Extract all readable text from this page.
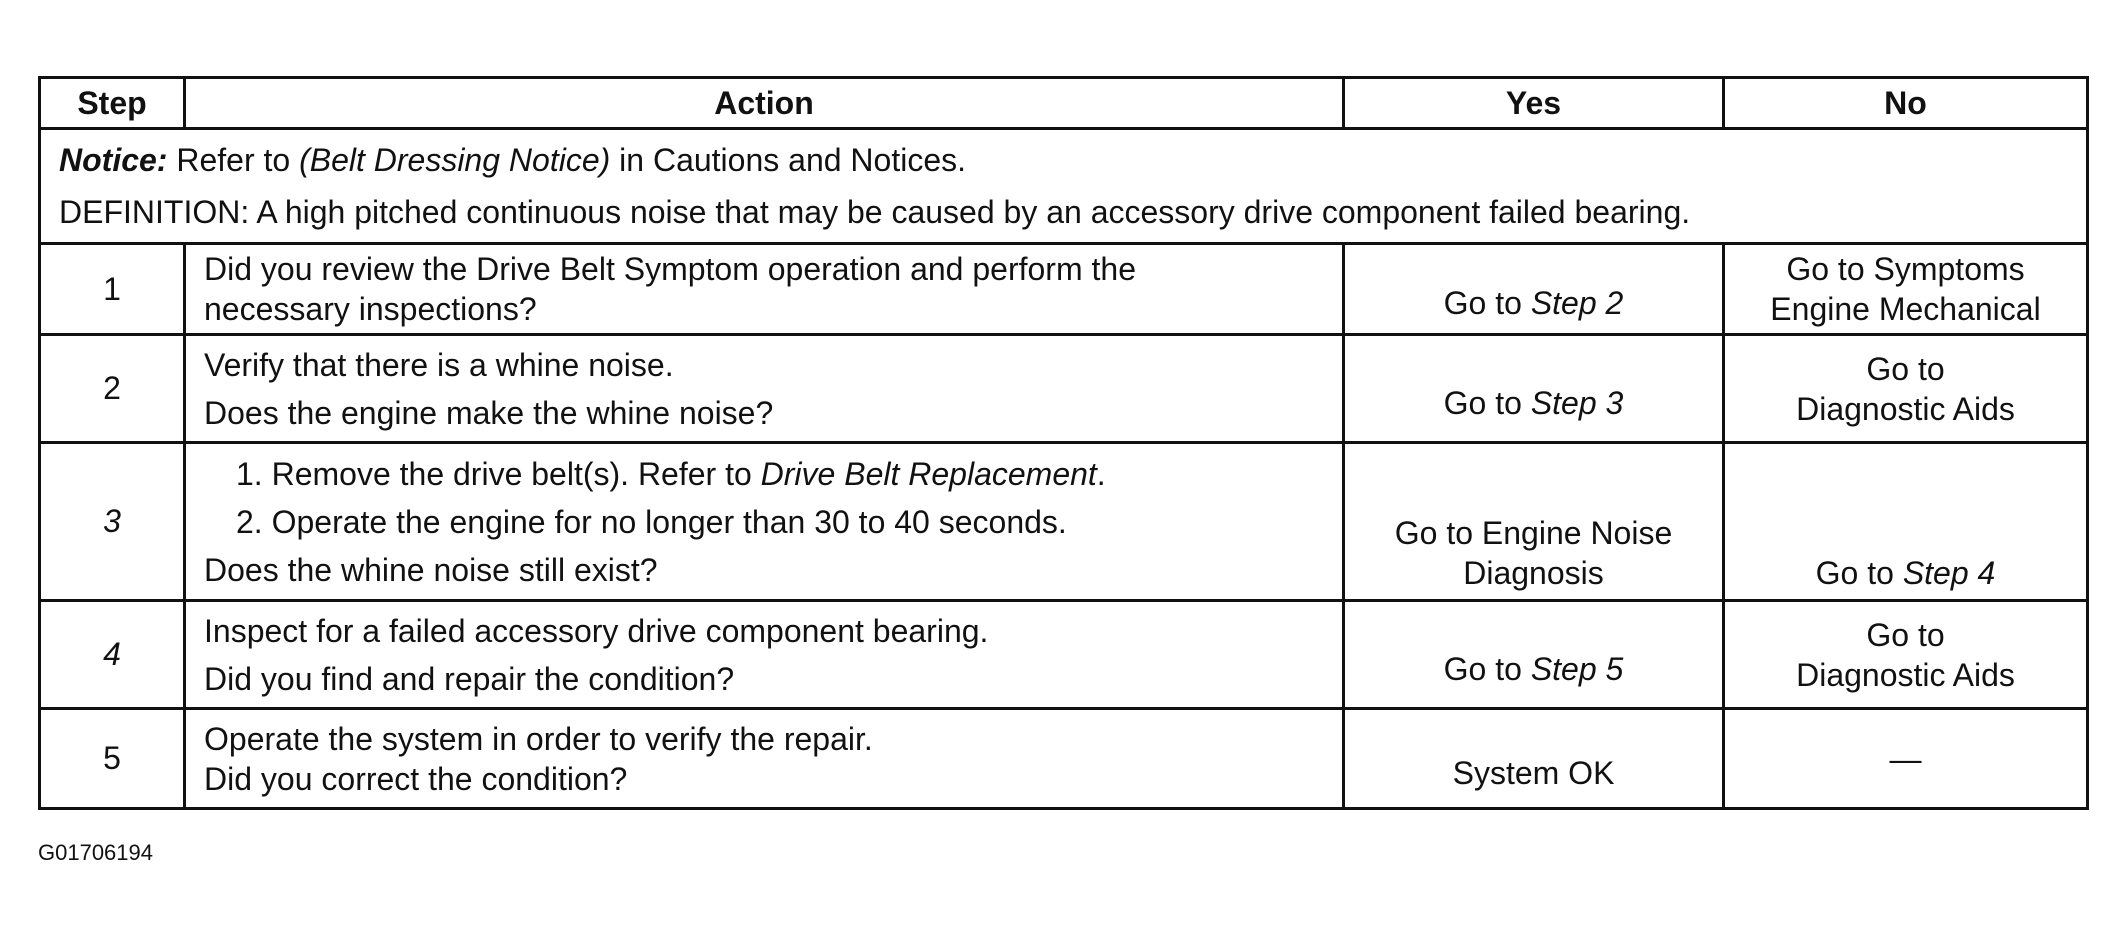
Step	Action	Yes	No

Notice: Refer to (Belt Dressing Notice) in Cautions and Notices.
DEFINITION: A high pitched continuous noise that may be caused by an accessory drive component failed bearing.			

1	Did you review the Drive Belt Symptom operation and perform the
necessary inspections?	Go to Step 2	Go to Symptoms
Engine Mechanical

2	Verify that there is a whine noise.
Does the engine make the whine noise?	Go to Step 3	Go to
Diagnostic Aids

3	1. Remove the drive belt(s). Refer to Drive Belt Replacement.
2. Operate the engine for no longer than 30 to 40 seconds.
Does the whine noise still exist?	Go to Engine Noise
Diagnosis	Go to Step 4

4	Inspect for a failed accessory drive component bearing.
Did you find and repair the condition?	Go to Step 5	Go to
Diagnostic Aids

5	Operate the system in order to verify the repair.
Did you correct the condition?	System OK	—
G01706194
